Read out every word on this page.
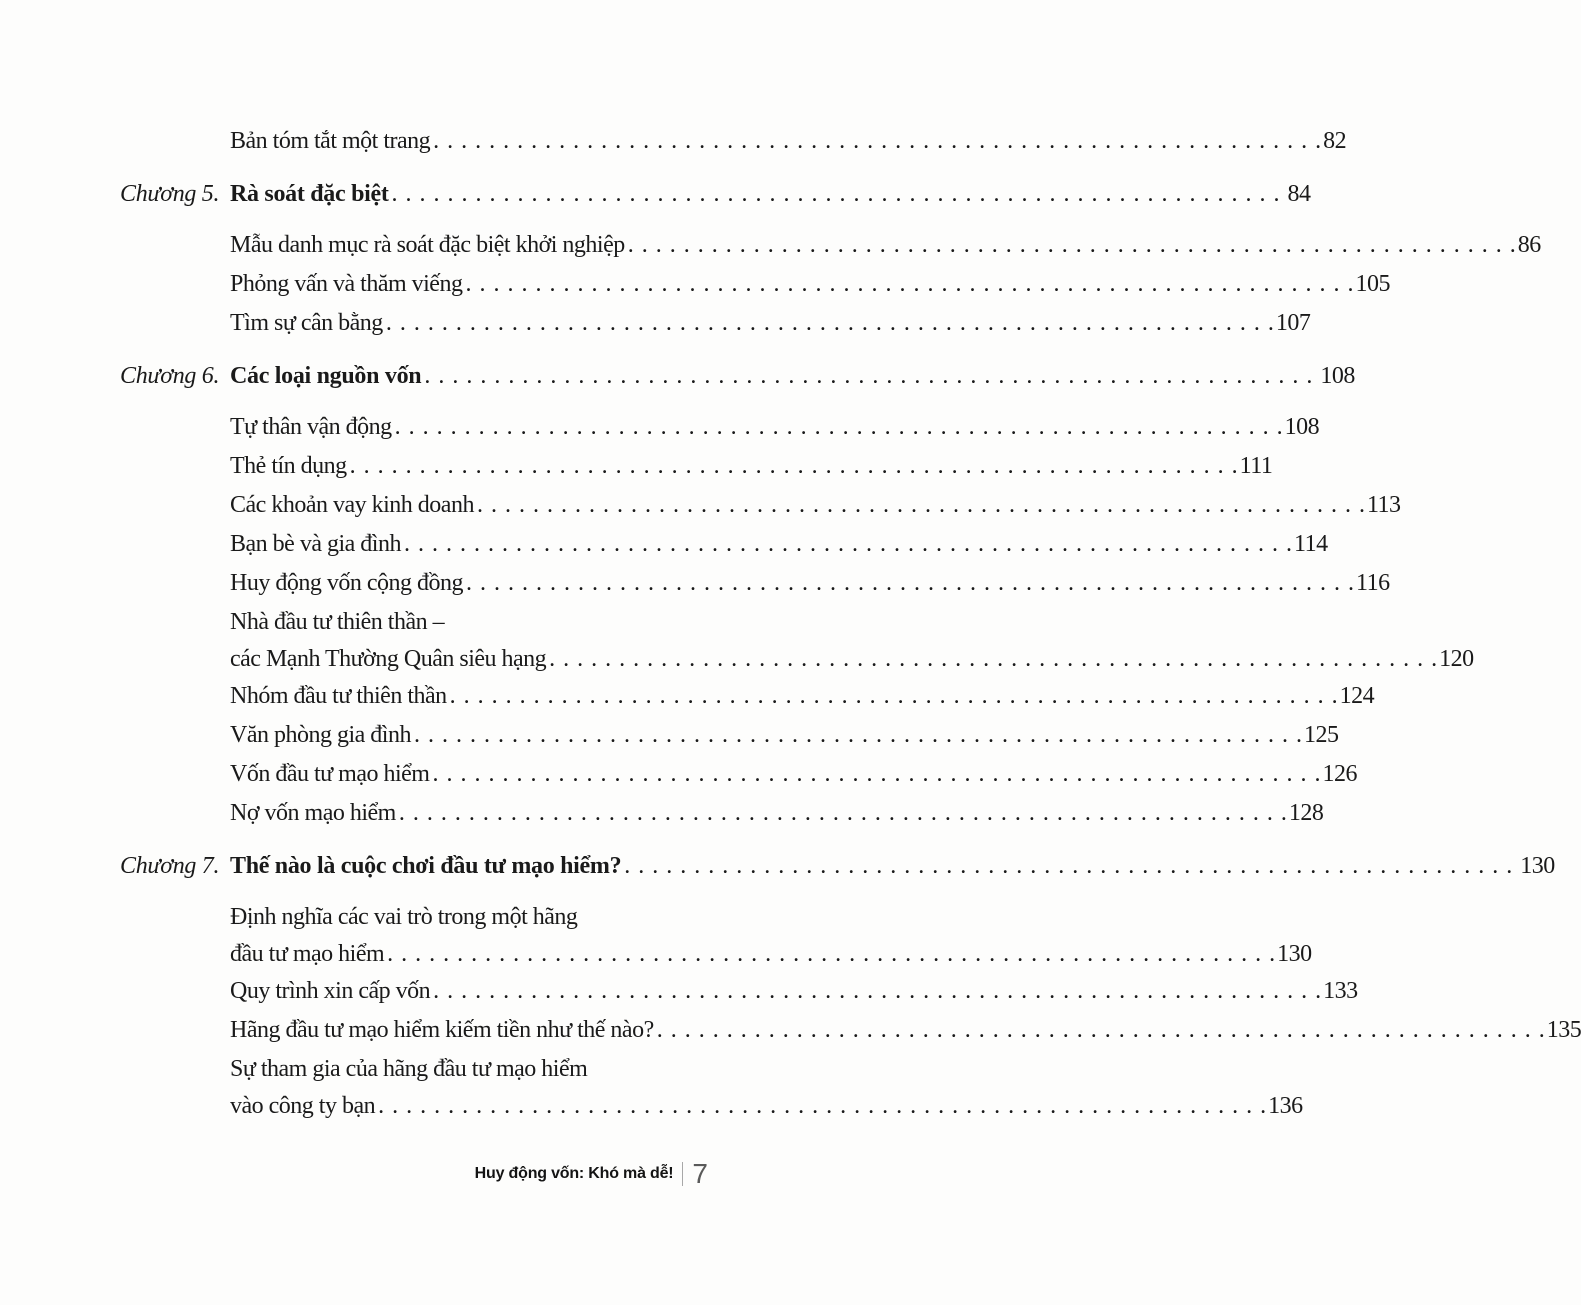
Bản tóm tắt một trang . . .	82
Chương 5. Rà soát đặc biệt . . .	84
Mẫu danh mục rà soát đặc biệt khởi nghiệp . . .	86
Phỏng vấn và thăm viếng . . .	105
Tìm sự cân bằng . . .	107
Chương 6. Các loại nguồn vốn . . .	108
Tự thân vận động . . .	108
Thẻ tín dụng . . .	111
Các khoản vay kinh doanh . . .	113
Bạn bè và gia đình . . .	114
Huy động vốn cộng đồng . . .	116
Nhà đầu tư thiên thần –
các Mạnh Thường Quân siêu hạng . . .	120
Nhóm đầu tư thiên thần . . .	124
Văn phòng gia đình . . .	125
Vốn đầu tư mạo hiểm . . .	126
Nợ vốn mạo hiểm . . .	128
Chương 7. Thế nào là cuộc chơi đầu tư mạo hiểm? . . .	130
Định nghĩa các vai trò trong một hãng
đầu tư mạo hiểm . . .	130
Quy trình xin cấp vốn . . .	133
Hãng đầu tư mạo hiểm kiếm tiền như thế nào? . . .	135
Sự tham gia của hãng đầu tư mạo hiểm
vào công ty bạn . . .	136
Huy động vốn: Khó mà dễ! 7
